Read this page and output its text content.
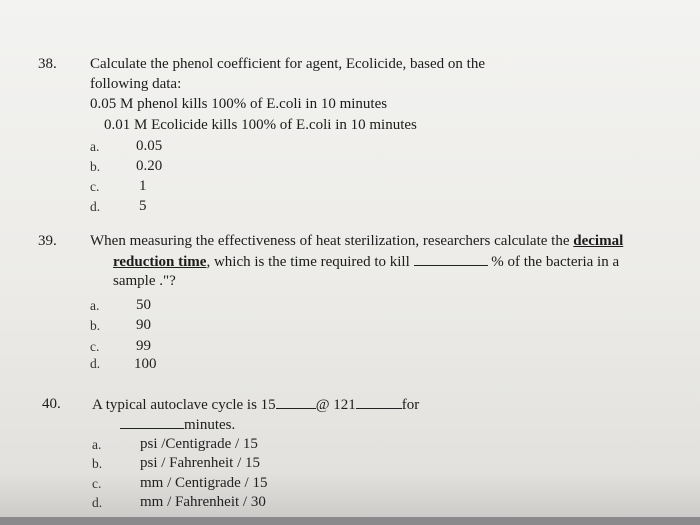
38. Calculate the phenol coefficient for agent, Ecolicide, based on the
following data:
0.05 M phenol kills 100% of E.coli in 10 minutes
0.01 M Ecolicide kills 100% of E.coli in 10 minutes
a. 0.05
b. 0.20
c.	1
d.	5
39. When measuring the effectiveness of heat sterilization, researchers calculate the decimal
reduction time, which is the time required to kill	% of the bacteria in a
sample ."?
a. 50
b. 90
c. 99
d. 100
40. A typical autoclave cycle is 15	@ 121	for
minutes.
a.	psi /Centigrade / 15
b.	psi / Fahrenheit / 15
c.	mm / Centigrade / 15
d.	mm / Fahrenheit / 30
